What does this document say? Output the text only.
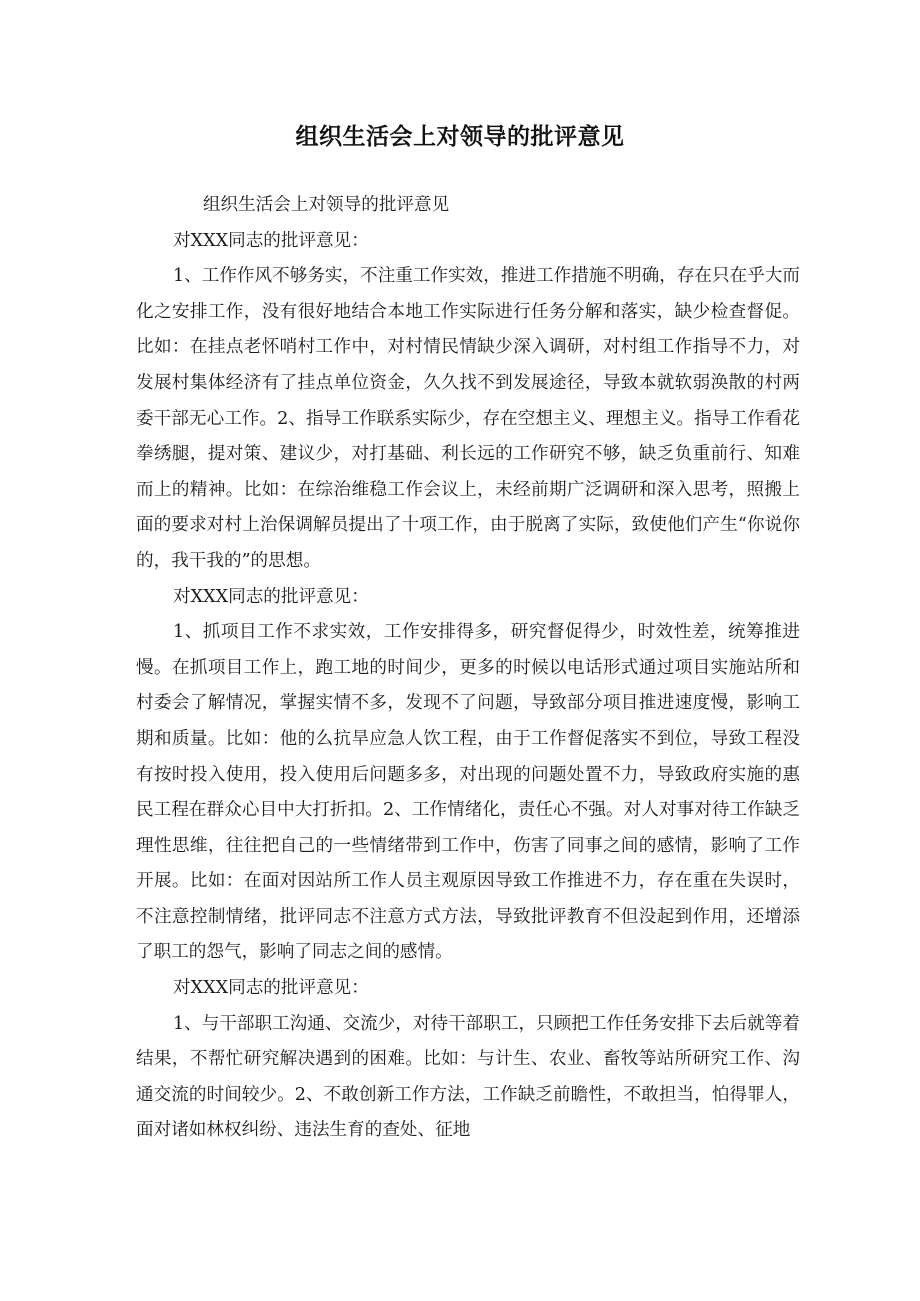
组织生活会上对领导的批评意见

组织生活会上对领导的批评意见

对XXX同志的批评意见：

1、工作作风不够务实，不注重工作实效，推进工作措施不明确，存在只在乎大而化之安排工作，没有很好地结合本地工作实际进行任务分解和落实，缺少检查督促。比如：在挂点老怀哨村工作中，对村情民情缺少深入调研，对村组工作指导不力，对发展村集体经济有了挂点单位资金，久久找不到发展途径，导致本就软弱涣散的村两委干部无心工作。2、指导工作联系实际少，存在空想主义、理想主义。指导工作看花拳绣腿，提对策、建议少，对打基础、利长远的工作研究不够，缺乏负重前行、知难而上的精神。比如：在综治维稳工作会议上，未经前期广泛调研和深入思考，照搬上面的要求对村上治保调解员提出了十项工作，由于脱离了实际，致使他们产生“你说你的，我干我的”的思想。

对XXX同志的批评意见：

1、抓项目工作不求实效，工作安排得多，研究督促得少，时效性差，统筹推进慢。在抓项目工作上，跑工地的时间少，更多的时候以电话形式通过项目实施站所和村委会了解情况，掌握实情不多，发现不了问题，导致部分项目推进速度慢，影响工期和质量。比如：他的么抗旱应急人饮工程，由于工作督促落实不到位，导致工程没有按时投入使用，投入使用后问题多多，对出现的问题处置不力，导致政府实施的惠民工程在群众心目中大打折扣。2、工作情绪化，责任心不强。对人对事对待工作缺乏理性思维，往往把自己的一些情绪带到工作中，伤害了同事之间的感情，影响了工作开展。比如：在面对因站所工作人员主观原因导致工作推进不力，存在重在失误时，不注意控制情绪，批评同志不注意方式方法，导致批评教育不但没起到作用，还增添了职工的怨气，影响了同志之间的感情。

对XXX同志的批评意见：

1、与干部职工沟通、交流少，对待干部职工，只顾把工作任务安排下去后就等着结果，不帮忙研究解决遇到的困难。比如：与计生、农业、畜牧等站所研究工作、沟通交流的时间较少。2、不敢创新工作方法，工作缺乏前瞻性，不敢担当，怕得罪人，面对诸如林权纠纷、违法生育的查处、征地
